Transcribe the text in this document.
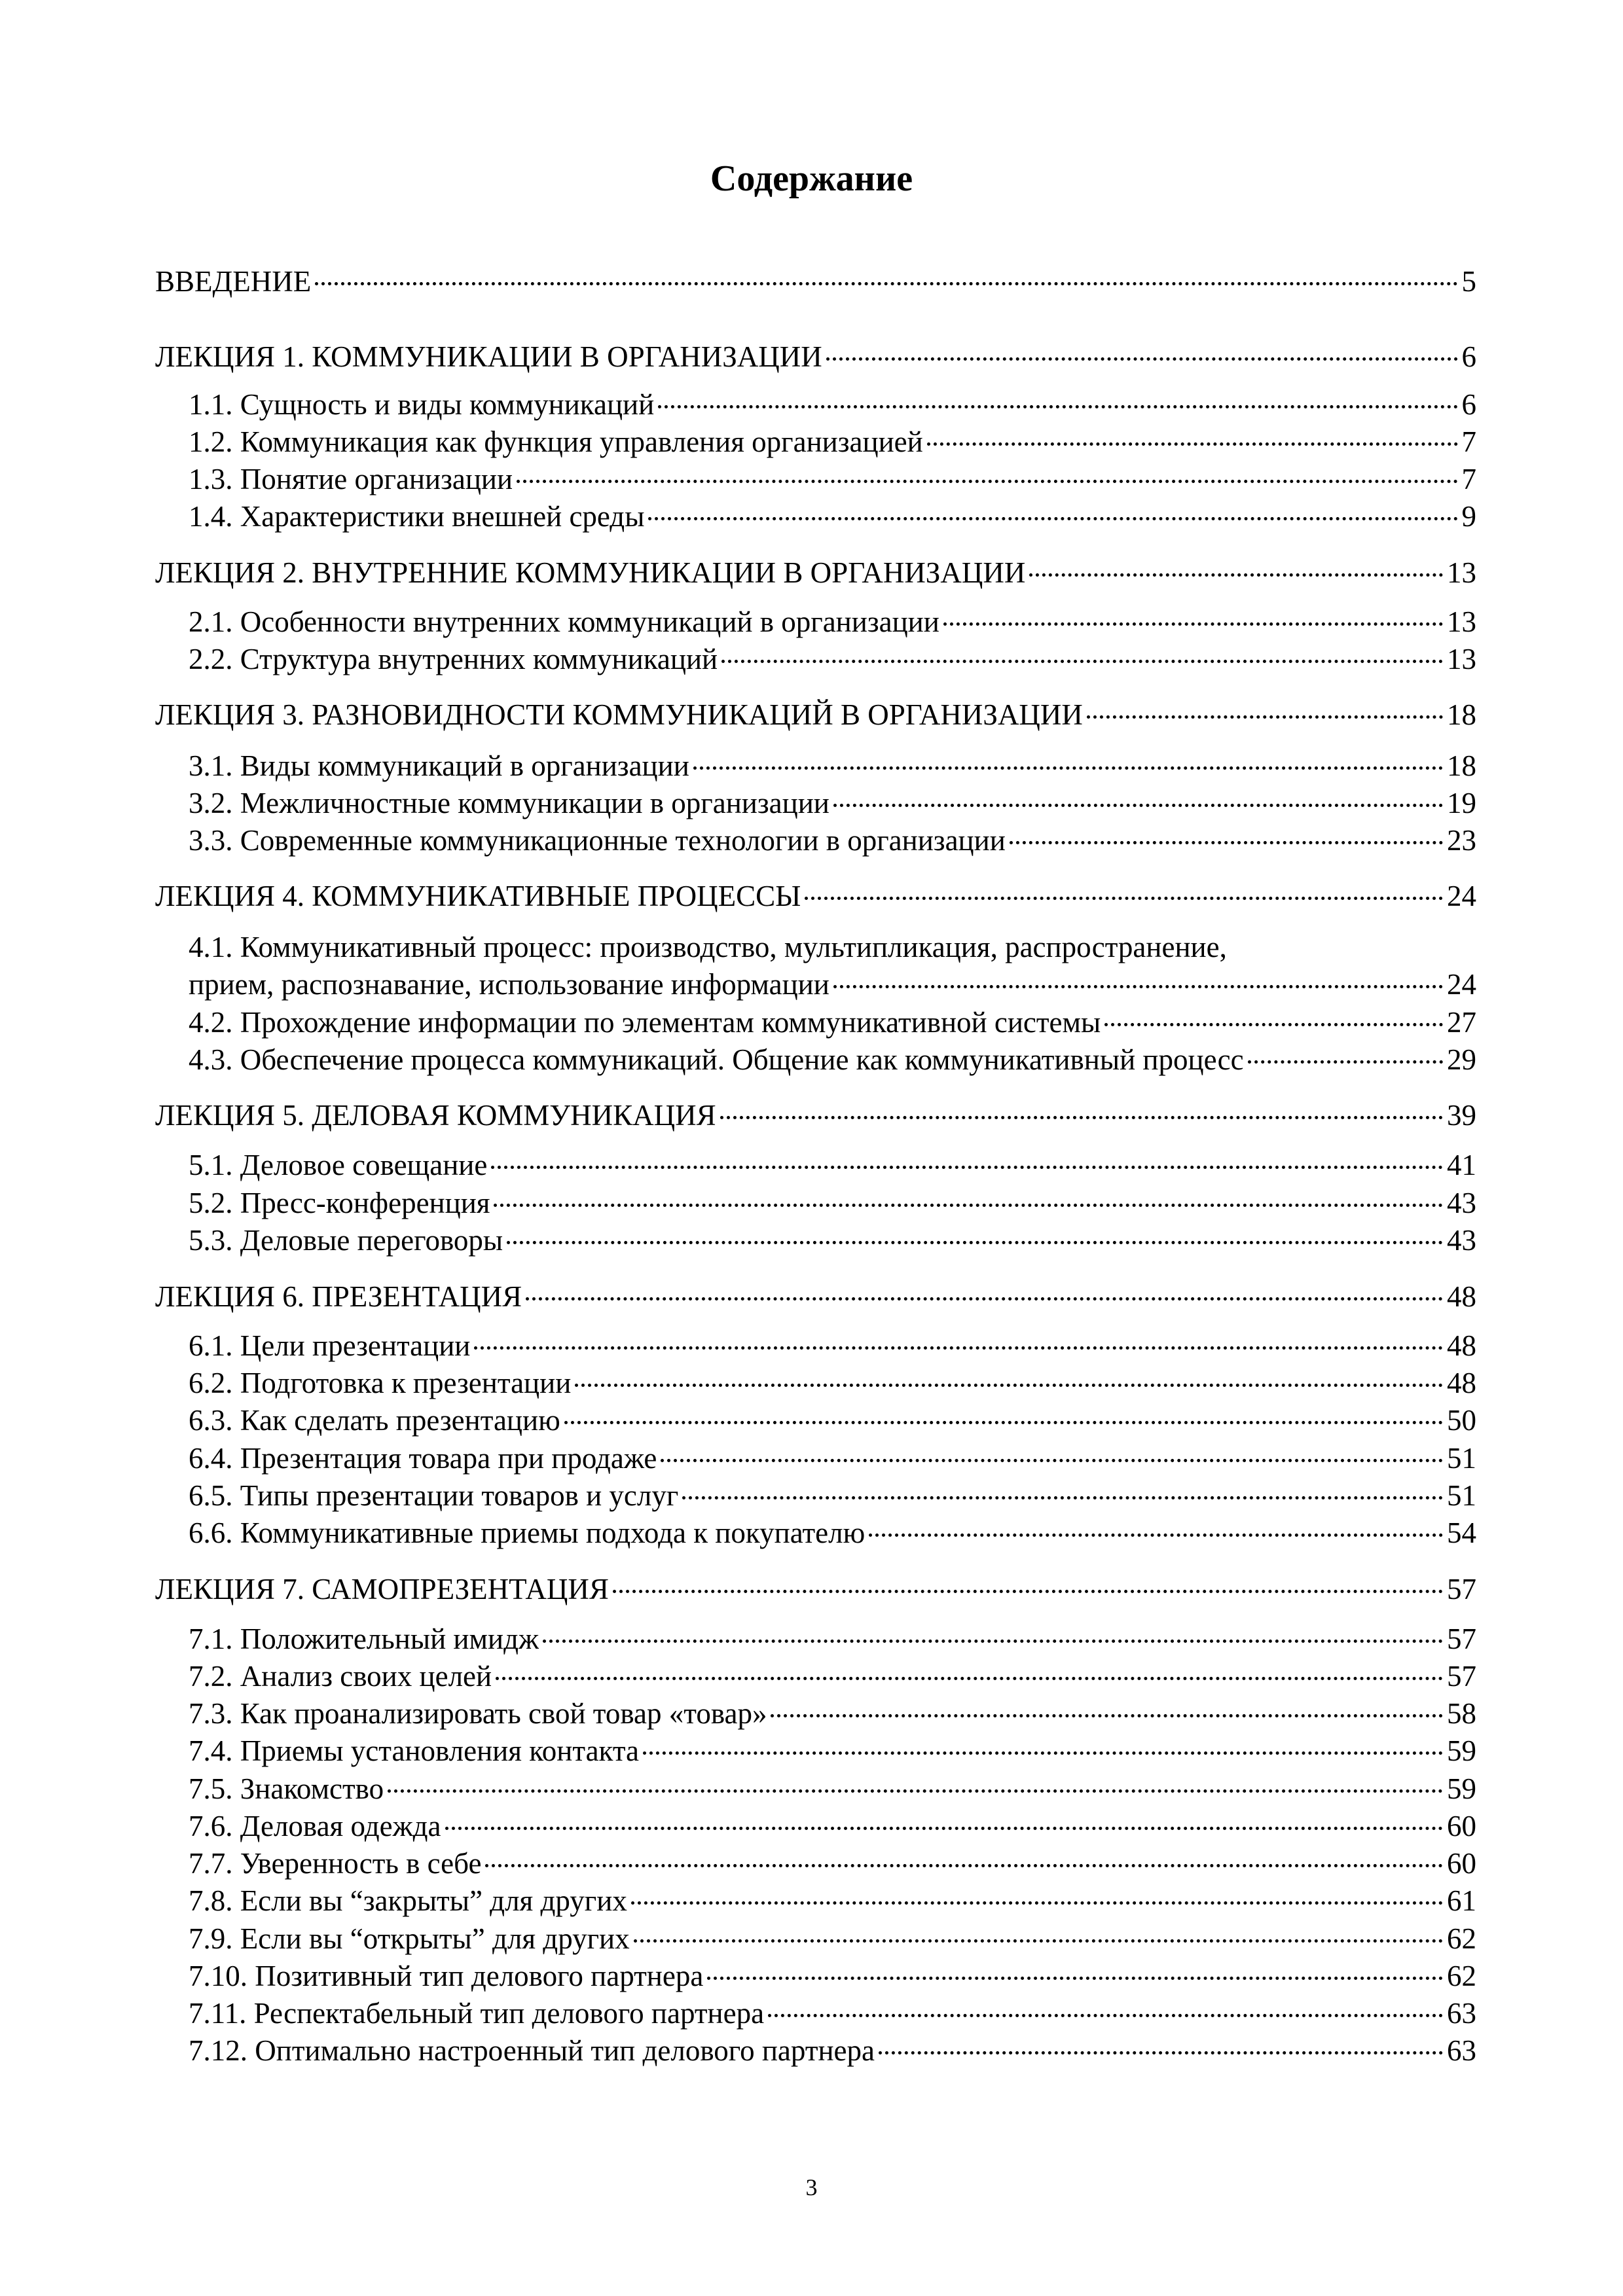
Содержание
ВВЕДЕНИЕ	5
ЛЕКЦИЯ 1. КОММУНИКАЦИИ В ОРГАНИЗАЦИИ	6
1.1. Сущность и виды коммуникаций	6
1.2. Коммуникация как функция управления организацией	7
1.3. Понятие организации	7
1.4. Характеристики внешней среды	9
ЛЕКЦИЯ 2. ВНУТРЕННИЕ КОММУНИКАЦИИ В ОРГАНИЗАЦИИ	13
2.1. Особенности внутренних коммуникаций в организации	13
2.2. Структура внутренних коммуникаций	13
ЛЕКЦИЯ 3. РАЗНОВИДНОСТИ КОММУНИКАЦИЙ В ОРГАНИЗАЦИИ	18
3.1. Виды коммуникаций в организации	18
3.2. Межличностные коммуникации в организации	19
3.3. Современные коммуникационные технологии в организации	23
ЛЕКЦИЯ 4. КОММУНИКАТИВНЫЕ ПРОЦЕССЫ	24
4.1. Коммуникативный процесс: производство, мультипликация, распространение,
прием, распознавание, использование информации	24
4.2. Прохождение информации по элементам коммуникативной системы	27
4.3. Обеспечение процесса коммуникаций. Общение как коммуникативный процесс	29
ЛЕКЦИЯ 5. ДЕЛОВАЯ КОММУНИКАЦИЯ	39
5.1. Деловое совещание	41
5.2. Пресс-конференция	43
5.3. Деловые переговоры	43
ЛЕКЦИЯ 6. ПРЕЗЕНТАЦИЯ	48
6.1. Цели презентации	48
6.2. Подготовка к презентации	48
6.3. Как сделать презентацию	50
6.4. Презентация товара при продаже	51
6.5. Типы презентации товаров и услуг	51
6.6. Коммуникативные приемы подхода к покупателю	54
ЛЕКЦИЯ 7. САМОПРЕЗЕНТАЦИЯ	57
7.1. Положительный имидж	57
7.2. Анализ своих целей	57
7.3. Как проанализировать свой товар «товар»	58
7.4. Приемы установления контакта	59
7.5. Знакомство	59
7.6. Деловая одежда	60
7.7. Уверенность в себе	60
7.8. Если вы “закрыты” для других	61
7.9. Если вы “открыты” для других	62
7.10. Позитивный тип делового партнера	62
7.11. Респектабельный тип делового партнера	63
7.12. Оптимально настроенный тип делового партнера	63
3
